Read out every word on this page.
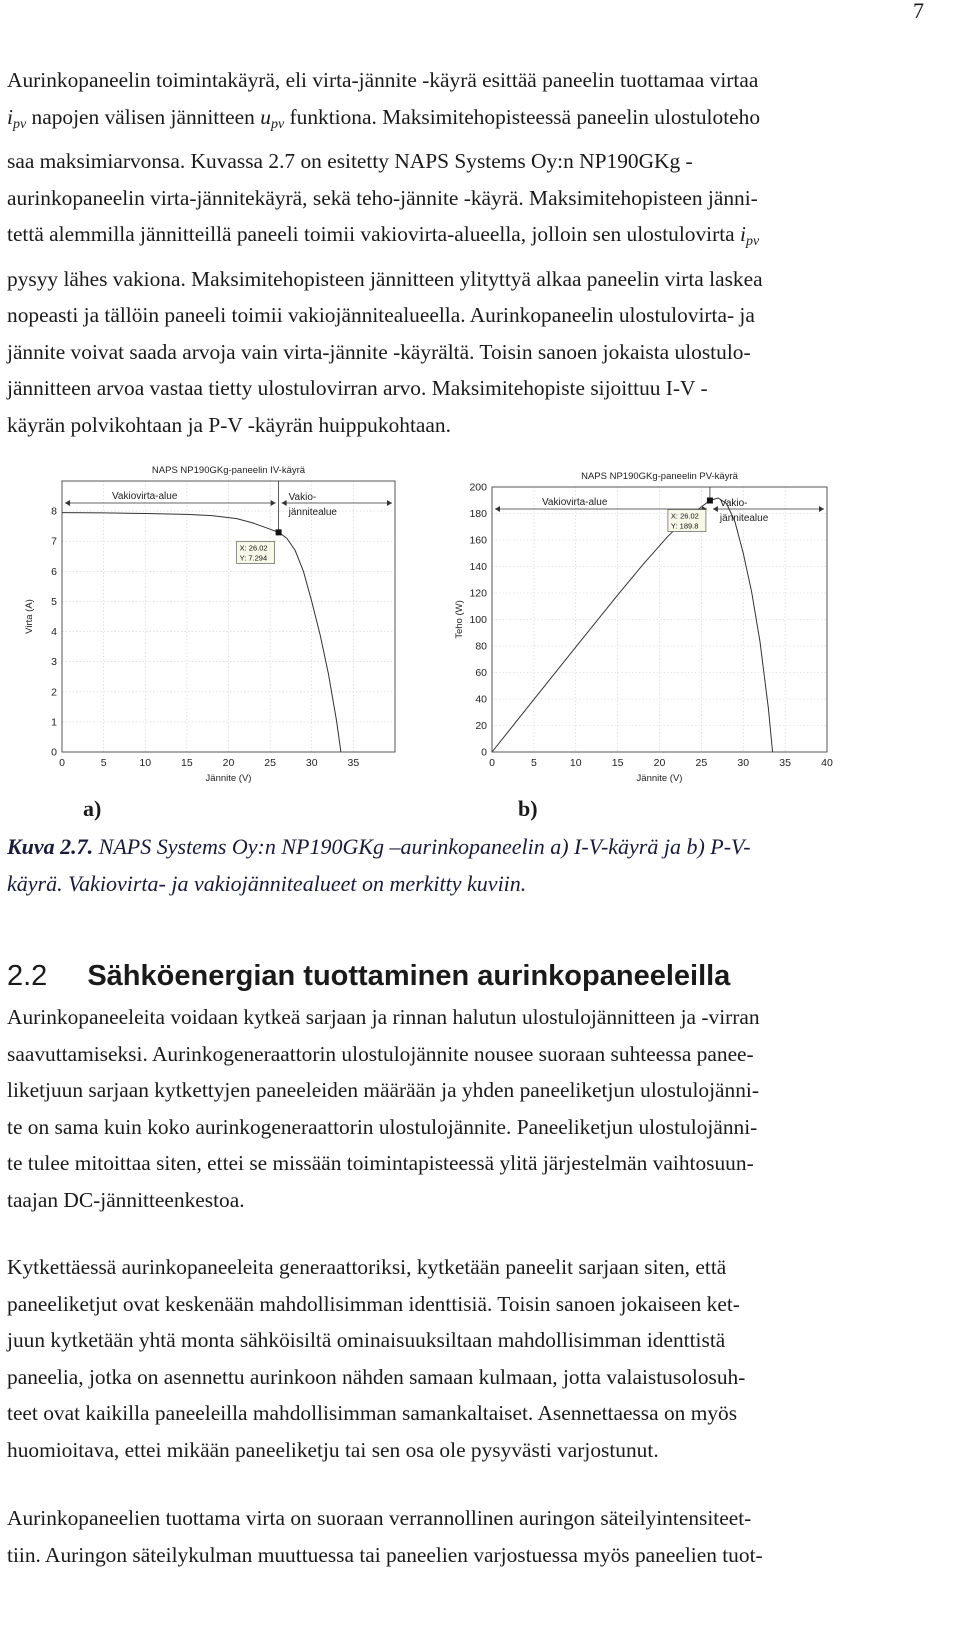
7
Aurinkopaneelin toimintakäyrä, eli virta-jännite -käyrä esittää paneelin tuottamaa virtaa
$i_{pv}$ napojen välisen jännitteen $u_{pv}$ funktiona. Maksimitehopisteessä paneelin ulostuloteho
saa maksimiarvonsa. Kuvassa 2.7 on esitetty NAPS Systems Oy:n NP190GKg -
aurinkopaneelin virta-jännitekäyrä, sekä teho-jännite -käyrä. Maksimitehopisteen jänni-
tettä alemmilla jännitteillä paneeli toimii vakiovirta-alueella, jolloin sen ulostulovirta $i_{pv}$
pysyy lähes vakiona. Maksimitehopisteen jännitteen ylityttyä alkaa paneelin virta laskea
nopeasti ja tällöin paneeli toimii vakiojännitealueella. Aurinkopaneelin ulostulovirta- ja
jännite voivat saada arvoja vain virta-jännite -käyrältä. Toisin sanoen jokaista ulostulo-
jännitteen arvoa vastaa tietty ulostulovirran arvo. Maksimitehopiste sijoittuu I-V -
käyrän polvikohtaan ja P-V -käyrän huippukohtaan.
NAPS NP190GKg-paneelin IV-käyrä
0	5	10	15	20	25	30	35
0
1
2
3
4
5
6
7
8
Jännite (V)
Virta (A)
Vakiovirta-alue	Vakio-
jännitealue
X: 26.02
Y: 7.294
NAPS NP190GKg-paneelin PV-käyrä
0	5	10	15	20	25	30	35	40
0
20
40
60
80
100
120
140
160
180
200
Jännite (V)
Teho (W)
Vakiovirta-alue	Vakio-
jännitealue
X: 26.02
Y: 189.8
a)	b)
Kuva 2.7. NAPS Systems Oy:n NP190GKg –aurinkopaneelin a) I-V-käyrä ja b) P-V-
käyrä. Vakiovirta- ja vakiojännitealueet on merkitty kuviin.
2.2 Sähköenergian tuottaminen aurinkopaneeleilla
Aurinkopaneeleita voidaan kytkeä sarjaan ja rinnan halutun ulostulojännitteen ja -virran
saavuttamiseksi. Aurinkogeneraattorin ulostulojännite nousee suoraan suhteessa panee-
liketjuun sarjaan kytkettyjen paneeleiden määrään ja yhden paneeliketjun ulostulojänni-
te on sama kuin koko aurinkogeneraattorin ulostulojännite. Paneeliketjun ulostulojänni-
te tulee mitoittaa siten, ettei se missään toimintapisteessä ylitä järjestelmän vaihtosuun-
taajan DC-jännitteenkestoa.
Kytkettäessä aurinkopaneeleita generaattoriksi, kytketään paneelit sarjaan siten, että
paneeliketjut ovat keskenään mahdollisimman identtisiä. Toisin sanoen jokaiseen ket-
juun kytketään yhtä monta sähköisiltä ominaisuuksiltaan mahdollisimman identtistä
paneelia, jotka on asennettu aurinkoon nähden samaan kulmaan, jotta valaistusolosuh-
teet ovat kaikilla paneeleilla mahdollisimman samankaltaiset. Asennettaessa on myös
huomioitava, ettei mikään paneeliketju tai sen osa ole pysyvästi varjostunut.
Aurinkopaneelien tuottama virta on suoraan verrannollinen auringon säteilyintensiteet-
tiin. Auringon säteilykulman muuttuessa tai paneelien varjostuessa myös paneelien tuot-
